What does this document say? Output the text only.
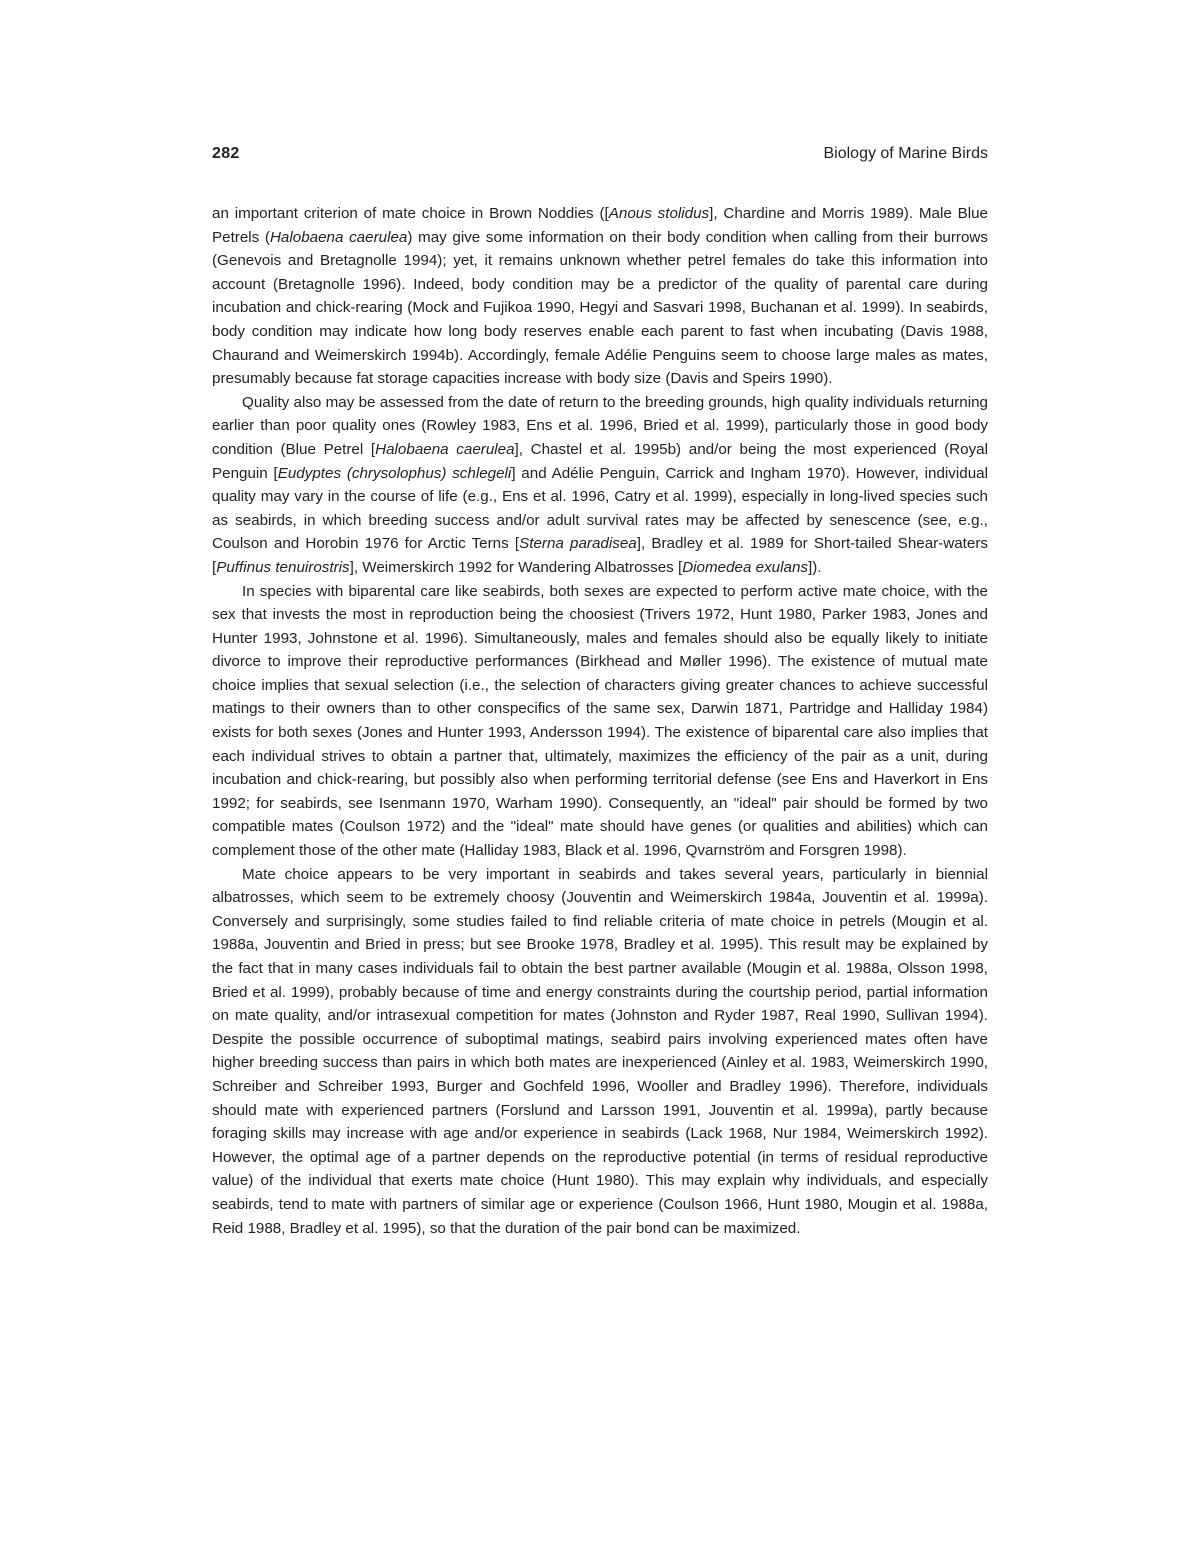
282	Biology of Marine Birds

an important criterion of mate choice in Brown Noddies ([Anous stolidus], Chardine and Morris 1989). Male Blue Petrels (Halobaena caerulea) may give some information on their body condition when calling from their burrows (Genevois and Bretagnolle 1994); yet, it remains unknown whether petrel females do take this information into account (Bretagnolle 1996). Indeed, body condition may be a predictor of the quality of parental care during incubation and chick-rearing (Mock and Fujikoa 1990, Hegyi and Sasvari 1998, Buchanan et al. 1999). In seabirds, body condition may indicate how long body reserves enable each parent to fast when incubating (Davis 1988, Chaurand and Weimerskirch 1994b). Accordingly, female Adélie Penguins seem to choose large males as mates, presumably because fat storage capacities increase with body size (Davis and Speirs 1990).

Quality also may be assessed from the date of return to the breeding grounds, high quality individuals returning earlier than poor quality ones (Rowley 1983, Ens et al. 1996, Bried et al. 1999), particularly those in good body condition (Blue Petrel [Halobaena caerulea], Chastel et al. 1995b) and/or being the most experienced (Royal Penguin [Eudyptes (chrysolophus) schlegeli] and Adélie Penguin, Carrick and Ingham 1970). However, individual quality may vary in the course of life (e.g., Ens et al. 1996, Catry et al. 1999), especially in long-lived species such as seabirds, in which breeding success and/or adult survival rates may be affected by senescence (see, e.g., Coulson and Horobin 1976 for Arctic Terns [Sterna paradisea], Bradley et al. 1989 for Short-tailed Shear-waters [Puffinus tenuirostris], Weimerskirch 1992 for Wandering Albatrosses [Diomedea exulans]).

In species with biparental care like seabirds, both sexes are expected to perform active mate choice, with the sex that invests the most in reproduction being the choosiest (Trivers 1972, Hunt 1980, Parker 1983, Jones and Hunter 1993, Johnstone et al. 1996). Simultaneously, males and females should also be equally likely to initiate divorce to improve their reproductive performances (Birkhead and Møller 1996). The existence of mutual mate choice implies that sexual selection (i.e., the selection of characters giving greater chances to achieve successful matings to their owners than to other conspecifics of the same sex, Darwin 1871, Partridge and Halliday 1984) exists for both sexes (Jones and Hunter 1993, Andersson 1994). The existence of biparental care also implies that each individual strives to obtain a partner that, ultimately, maximizes the efficiency of the pair as a unit, during incubation and chick-rearing, but possibly also when performing territorial defense (see Ens and Haverkort in Ens 1992; for seabirds, see Isenmann 1970, Warham 1990). Consequently, an "ideal" pair should be formed by two compatible mates (Coulson 1972) and the "ideal" mate should have genes (or qualities and abilities) which can complement those of the other mate (Halliday 1983, Black et al. 1996, Qvarnström and Forsgren 1998).

Mate choice appears to be very important in seabirds and takes several years, particularly in biennial albatrosses, which seem to be extremely choosy (Jouventin and Weimerskirch 1984a, Jouventin et al. 1999a). Conversely and surprisingly, some studies failed to find reliable criteria of mate choice in petrels (Mougin et al. 1988a, Jouventin and Bried in press; but see Brooke 1978, Bradley et al. 1995). This result may be explained by the fact that in many cases individuals fail to obtain the best partner available (Mougin et al. 1988a, Olsson 1998, Bried et al. 1999), probably because of time and energy constraints during the courtship period, partial information on mate quality, and/or intrasexual competition for mates (Johnston and Ryder 1987, Real 1990, Sullivan 1994). Despite the possible occurrence of suboptimal matings, seabird pairs involving experienced mates often have higher breeding success than pairs in which both mates are inexperienced (Ainley et al. 1983, Weimerskirch 1990, Schreiber and Schreiber 1993, Burger and Gochfeld 1996, Wooller and Bradley 1996). Therefore, individuals should mate with experienced partners (Forslund and Larsson 1991, Jouventin et al. 1999a), partly because foraging skills may increase with age and/or experience in seabirds (Lack 1968, Nur 1984, Weimerskirch 1992). However, the optimal age of a partner depends on the reproductive potential (in terms of residual reproductive value) of the individual that exerts mate choice (Hunt 1980). This may explain why individuals, and especially seabirds, tend to mate with partners of similar age or experience (Coulson 1966, Hunt 1980, Mougin et al. 1988a, Reid 1988, Bradley et al. 1995), so that the duration of the pair bond can be maximized.
